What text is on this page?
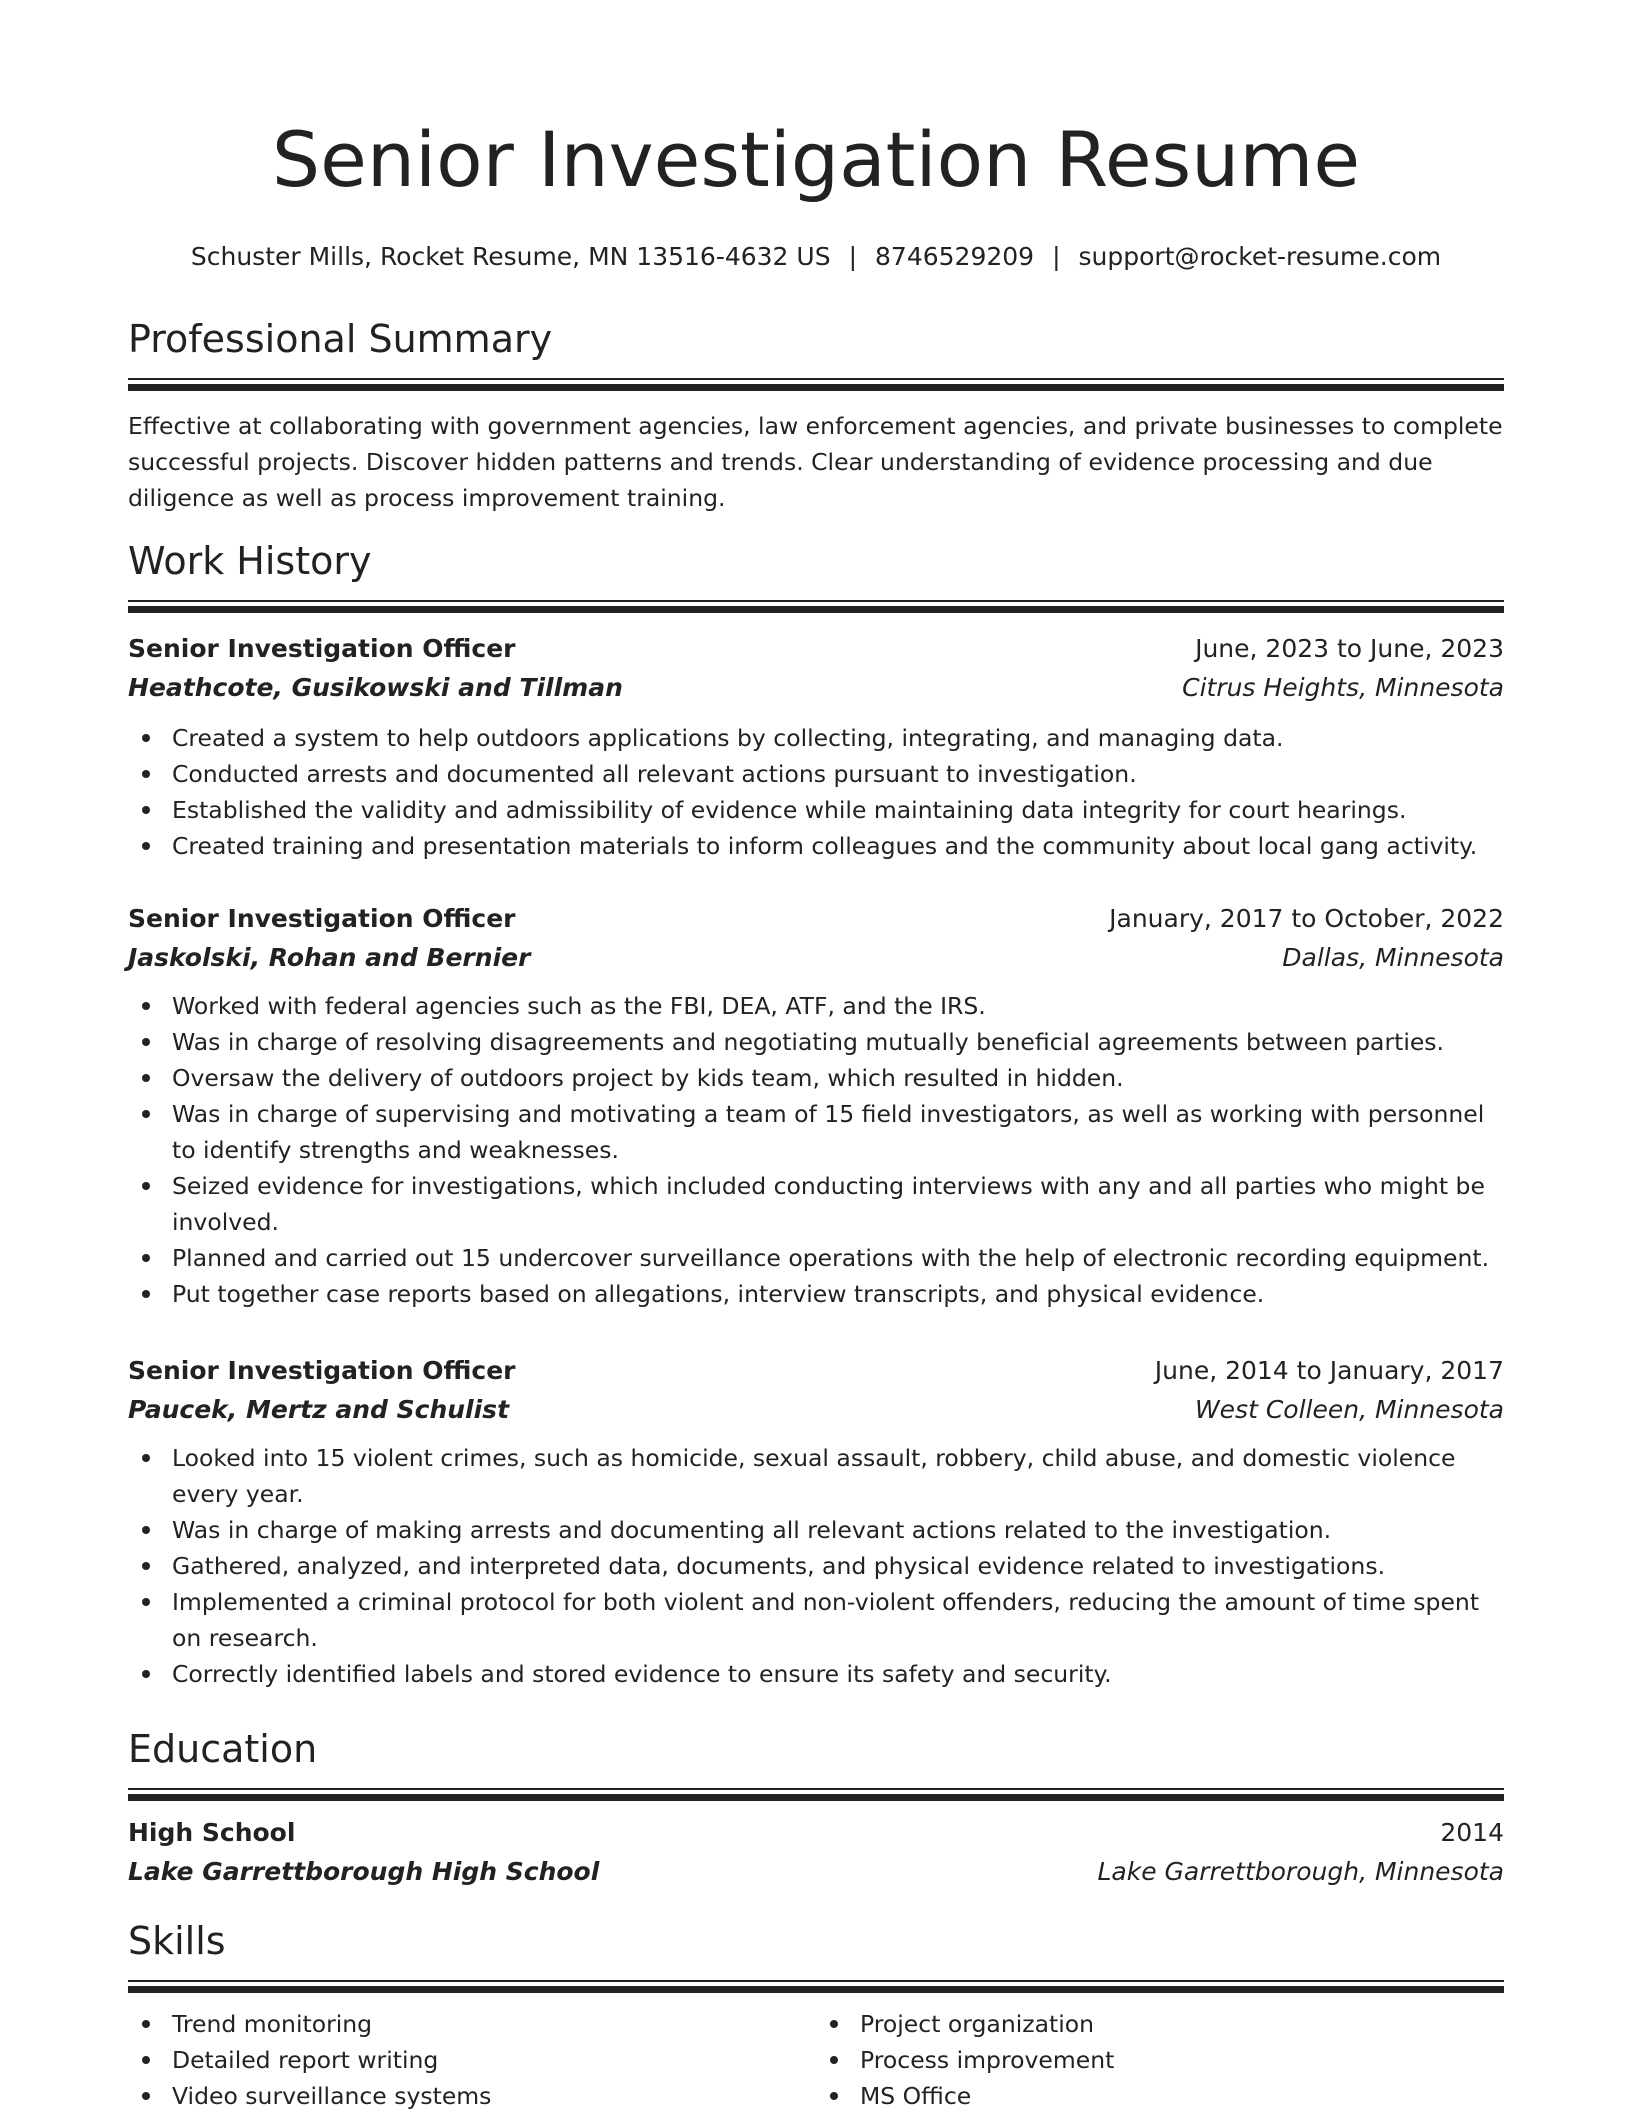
Senior Investigation Resume
Schuster Mills, Rocket Resume, MN 13516-4632 US | 8746529209 | support@rocket-resume.com
Professional Summary
Effective at collaborating with government agencies, law enforcement agencies, and private businesses to complete successful projects. Discover hidden patterns and trends. Clear understanding of evidence processing and due diligence as well as process improvement training.
Work History
Senior Investigation Officer	June, 2023 to June, 2023
Heathcote, Gusikowski and Tillman	Citrus Heights, Minnesota
Created a system to help outdoors applications by collecting, integrating, and managing data.
Conducted arrests and documented all relevant actions pursuant to investigation.
Established the validity and admissibility of evidence while maintaining data integrity for court hearings.
Created training and presentation materials to inform colleagues and the community about local gang activity.
Senior Investigation Officer	January, 2017 to October, 2022
Jaskolski, Rohan and Bernier	Dallas, Minnesota
Worked with federal agencies such as the FBI, DEA, ATF, and the IRS.
Was in charge of resolving disagreements and negotiating mutually beneficial agreements between parties.
Oversaw the delivery of outdoors project by kids team, which resulted in hidden.
Was in charge of supervising and motivating a team of 15 field investigators, as well as working with personnel to identify strengths and weaknesses.
Seized evidence for investigations, which included conducting interviews with any and all parties who might be involved.
Planned and carried out 15 undercover surveillance operations with the help of electronic recording equipment.
Put together case reports based on allegations, interview transcripts, and physical evidence.
Senior Investigation Officer	June, 2014 to January, 2017
Paucek, Mertz and Schulist	West Colleen, Minnesota
Looked into 15 violent crimes, such as homicide, sexual assault, robbery, child abuse, and domestic violence every year.
Was in charge of making arrests and documenting all relevant actions related to the investigation.
Gathered, analyzed, and interpreted data, documents, and physical evidence related to investigations.
Implemented a criminal protocol for both violent and non-violent offenders, reducing the amount of time spent on research.
Correctly identified labels and stored evidence to ensure its safety and security.
Education
High School	2014
Lake Garrettborough High School	Lake Garrettborough, Minnesota
Skills
Trend monitoring
Detailed report writing
Video surveillance systems
Project organization
Process improvement
MS Office
